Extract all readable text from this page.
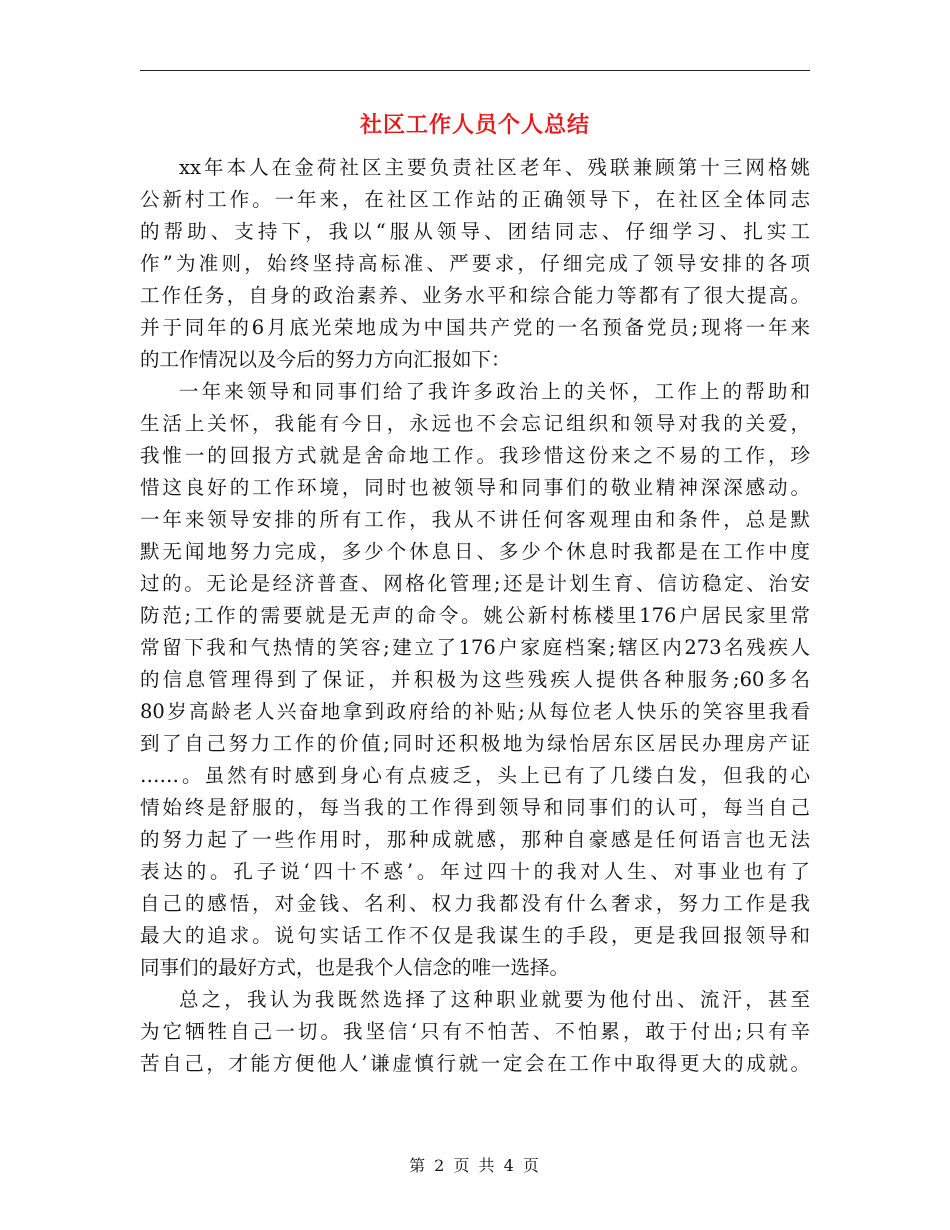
社区工作人员个人总结
xx年本人在金荷社区主要负责社区老年、残联兼顾第十三网格姚
公新村工作。一年来，在社区工作站的正确领导下，在社区全体同志
的帮助、支持下，我以“服从领导、团结同志、仔细学习、扎实工
作”为准则，始终坚持高标准、严要求，仔细完成了领导安排的各项
工作任务，自身的政治素养、业务水平和综合能力等都有了很大提高。
并于同年的6月底光荣地成为中国共产党的一名预备党员;现将一年来
的工作情况以及今后的努力方向汇报如下：
一年来领导和同事们给了我许多政治上的关怀，工作上的帮助和
生活上关怀，我能有今日，永远也不会忘记组织和领导对我的关爱，
我惟一的回报方式就是舍命地工作。我珍惜这份来之不易的工作，珍
惜这良好的工作环境，同时也被领导和同事们的敬业精神深深感动。
一年来领导安排的所有工作，我从不讲任何客观理由和条件，总是默
默无闻地努力完成，多少个休息日、多少个休息时我都是在工作中度
过的。无论是经济普查、网格化管理;还是计划生育、信访稳定、治安
防范;工作的需要就是无声的命令。姚公新村栋楼里176户居民家里常
常留下我和气热情的笑容;建立了176户家庭档案;辖区内273名残疾人
的信息管理得到了保证，并积极为这些残疾人提供各种服务;60多名
80岁高龄老人兴奋地拿到政府给的补贴;从每位老人快乐的笑容里我看
到了自己努力工作的价值;同时还积极地为绿怡居东区居民办理房产证
……。虽然有时感到身心有点疲乏，头上已有了几缕白发，但我的心
情始终是舒服的，每当我的工作得到领导和同事们的认可，每当自己
的努力起了一些作用时，那种成就感，那种自豪感是任何语言也无法
表达的。孔子说‘四十不惑’。年过四十的我对人生、对事业也有了
自己的感悟，对金钱、名利、权力我都没有什么奢求，努力工作是我
最大的追求。说句实话工作不仅是我谋生的手段，更是我回报领导和
同事们的最好方式，也是我个人信念的唯一选择。
总之，我认为我既然选择了这种职业就要为他付出、流汗，甚至
为它牺牲自己一切。我坚信‘只有不怕苦、不怕累，敢于付出;只有辛
苦自己，才能方便他人’谦虚慎行就一定会在工作中取得更大的成就。
第 2 页 共 4 页
